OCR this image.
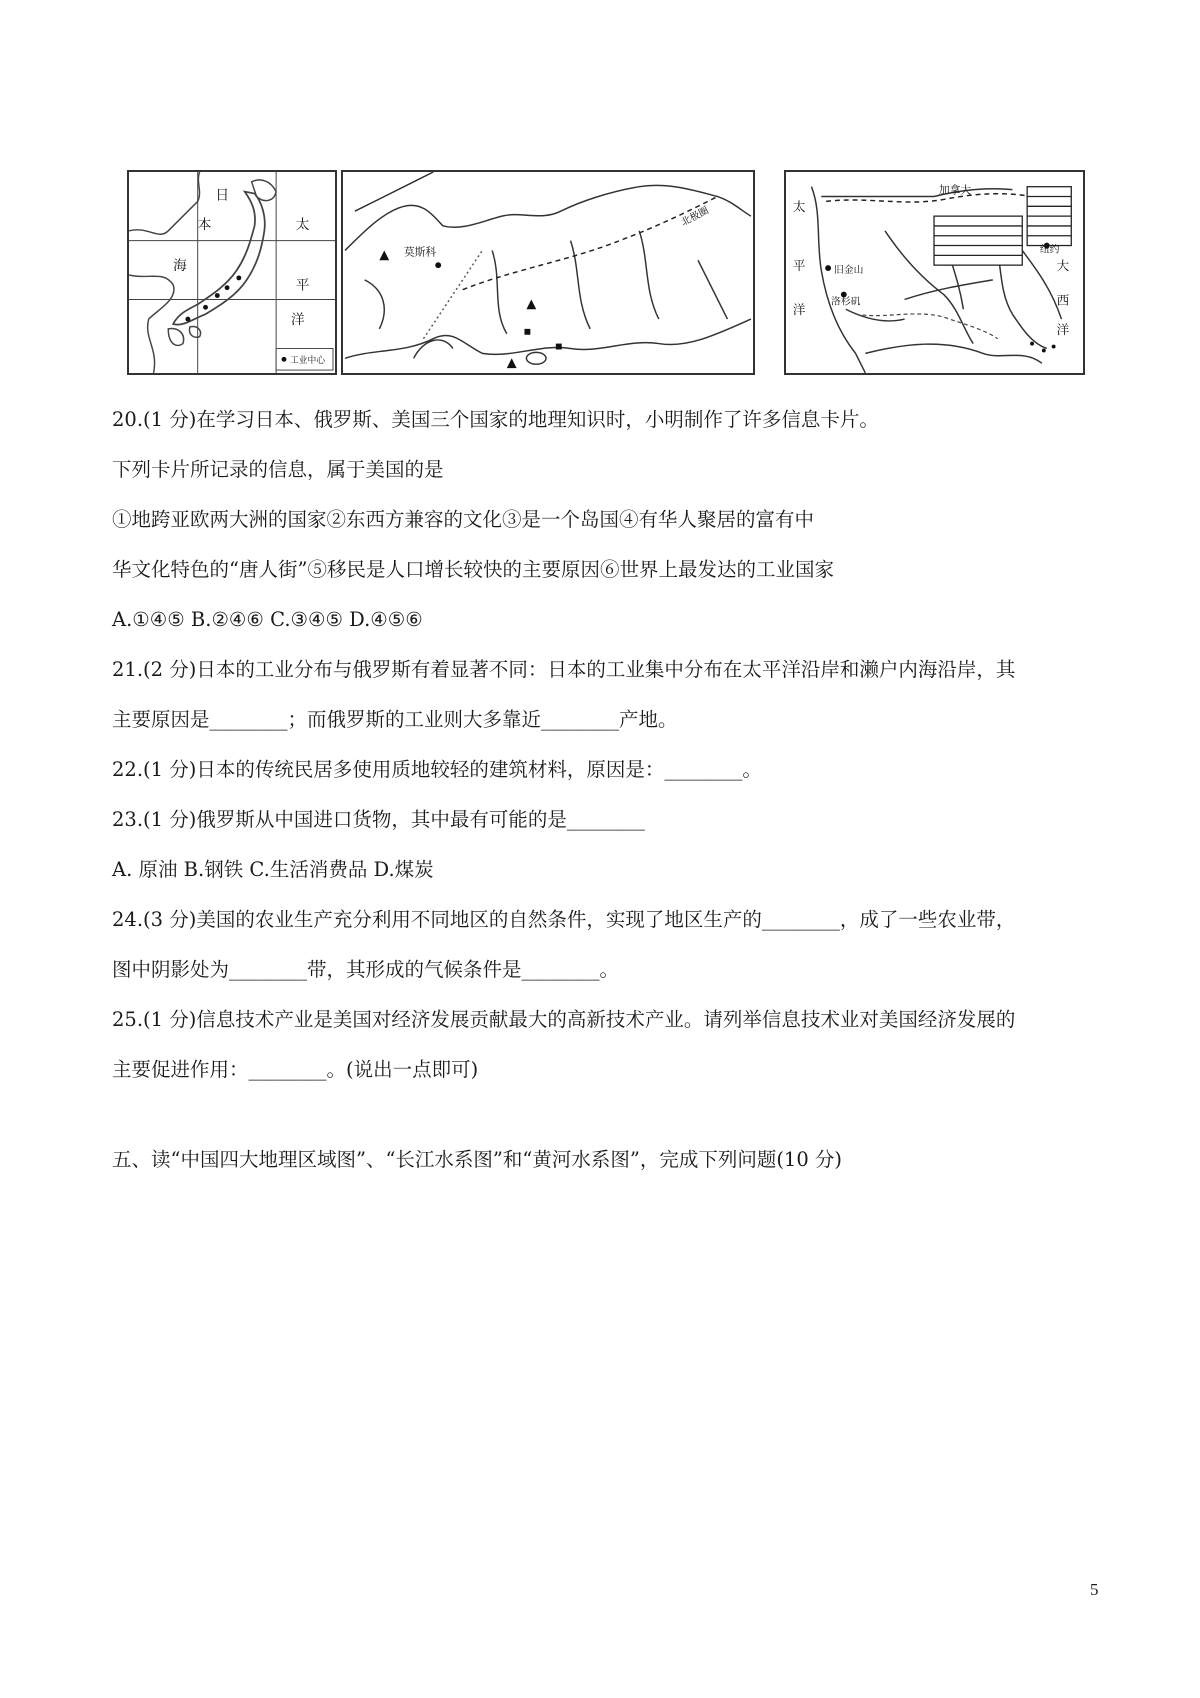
日
本
海
太
平
洋
工业中心
莫斯科
北极圈
加拿大
纽约
太
平
洋
旧金山
洛杉矶
大
西
洋
20.(1 分)在学习日本、俄罗斯、美国三个国家的地理知识时，小明制作了许多信息卡片。
下列卡片所记录的信息，属于美国的是
①地跨亚欧两大洲的国家②东西方兼容的文化③是一个岛国④有华人聚居的富有中
华文化特色的“唐人街”⑤移民是人口增长较快的主要原因⑥世界上最发达的工业国家
A.①④⑤ B.②④⑥ C.③④⑤ D.④⑤⑥
21.(2 分)日本的工业分布与俄罗斯有着显著不同：日本的工业集中分布在太平洋沿岸和濑户内海沿岸，其
主要原因是________；而俄罗斯的工业则大多靠近________产地。
22.(1 分)日本的传统民居多使用质地较轻的建筑材料，原因是：________。
23.(1 分)俄罗斯从中国进口货物，其中最有可能的是________
A. 原油 B.钢铁 C.生活消费品 D.煤炭
24.(3 分)美国的农业生产充分利用不同地区的自然条件，实现了地区生产的________，成了一些农业带，
图中阴影处为________带，其形成的气候条件是________。
25.(1 分)信息技术产业是美国对经济发展贡献最大的高新技术产业。请列举信息技术业对美国经济发展的
主要促进作用：________。(说出一点即可)
五、读“中国四大地理区域图”、“长江水系图”和“黄河水系图”，完成下列问题(10 分)
5
